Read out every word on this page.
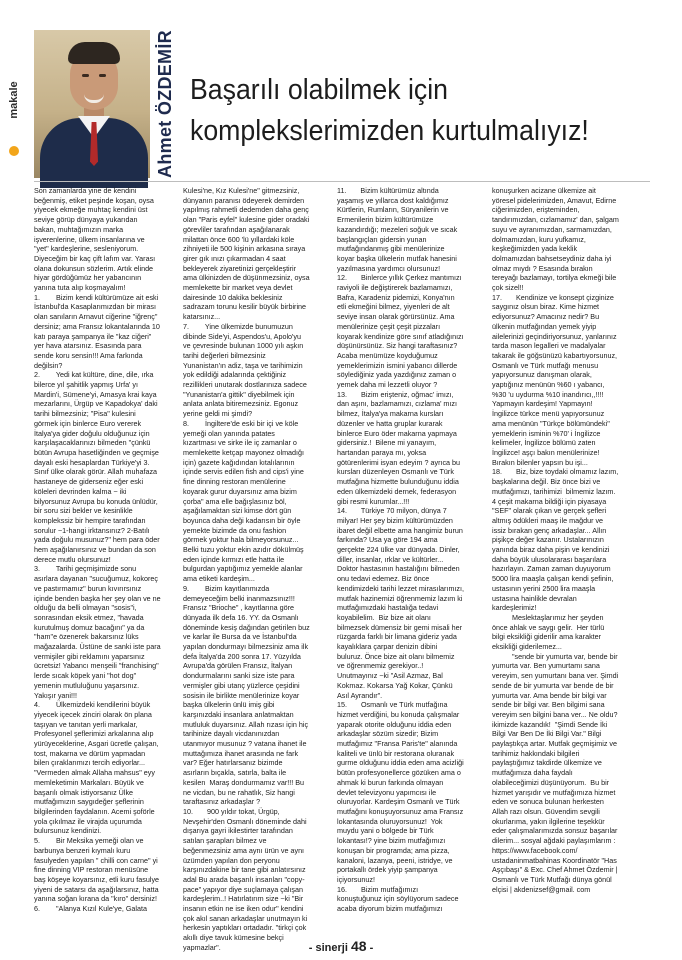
makale	Ahmet ÖZDEMİR Başarılı olabilmek için komplekslerimizden kurtulmalıyız!

Son zamanlarda yine de kendini beğenmiş, etiket peşinde koşan, oysa yiyecek ekmeğe muhtaç kendini üst seviye görüp dünyaya yukarıdan bakan, muhtağımızın marka işverenlerine, ülkem insanlarına ve "yet" kardeşlerine, sesleniyorum. Diyeceğim bir kaç çift lafım var. Yarası olana dokunsun sözlerim. Artık elinde hiyar gördüğümüz her yabancının yanına tuta alıp koşmayalım!
1.        Bizim kendi kültürümüze ait eski İstanbul'da Kasaplarımızdan bir mirası olan sanıların Arnavut ciğerine "iğrenç" dersiniz; ama Fransız lokantalarında 10 katı paraya şampanya ile "kaz ciğeri" yer hava atarsınız. Esasında para sende koru sensin!!! Ama farkında değilsin?
2.        Yedi kat kültüre, dine, dile, ırka bilerce yıl şahitlik yapmış Urfa' yı Mardin'i, Sümene'yi, Amasya krai kaya mezarlarını, Ürgüp ve Kapadokya' daki tarihi bilmezsiniz; "Pisa" kulesini görmek için binlerce Euro vererek İtalya'ya gider doğulu olduğunuz için karşılaşacaklarınızı bilmeden "çünkü bütün Avrupa hasetliğinden ve geçmişe dayalı eski hesaplardan Türkiye'yi 3. Sınıf ülke olarak görür. Allah muhafaza hastaneye de giderseniz eğer eski köleleri devrinden kalma ~ iki bilyorsunuz Avrupa bu konuda ünlüdür, bir soru sizi bekler ve kesinlikle komplekssiz bir hempire tarafından sorulur ~1-hangi irktansınız? 2-Batılı yada doğulu musunuz?" hem para öder hem aşağılanırsınız ve bundan da son derece mutlu olursunuz!
3.        Tarihi geçmişimizde sonu asırlara dayanan "sucuğumuz, kokoreç ve pastırmamız" burun kıvırırsınız içinde benden başka her şey olan ve ne olduğu da belli olmayan "sosis"i, sonrasından eksik etmez, "havada kurutulmuş domuz bacağını" ya da "ham"e özenerek bakarsınız lüks mağazalarda. Üstüne de sanki iste para vermişiler gibi reklamını yaparsınız ücretsiz! Yabancı menşeili "franchising" lerde sıcak köpek yani "hot dog" yemenin mutluluğunu yaşarsınız. Yakışır yani!!!
4.        Ülkemizdeki kendilerini büyük yiyecek içecek zinciri olarak ön plana taşıyan ve tanıtan yerli markalar, Profesyonel şeflerimizi arkalarına alıp yürüyeceklerine, Asgari ücretle çalışan, tost, makarna ve dürüm yapmadan bilen çıraklarımızı tercih ediyorlar... "Vermeden almak Allaha mahsus" eyy memleketimin Markaları. Büyük ve başarılı olmak istiyorsanız Ülke mutfağımızın saygıdeğer şeflerinin bilgilerinden faydalanın. Acemi şoförle yola çıkılmaz ile virajda uçurumda bulursunuz kendinizi.
5.        Bir Meksika yemeği olan ve barbunya benzeri kıymalı kuru fasulyeden yapılan " chilli con carne" yi fine dinning VIP restoran menüsüne baş köşeye koyarsınız, etli kuru fasulye yiyeni de satarsı da aşağılarsınız, hatta yanına soğan kırana da "kıro" dersiniz!
6.        "Alanya Kızıl Kule'ye, Galata

Kulesi'ne, Kız Kulesi'ne" gitmezsiniz, dünyanın paranısı ödeyerek demirden yapılmış rahmetli dedemden daha genç olan "Paris eyfel" kulesine gider oradaki görevliler tarafından aşağılanarak milattan önce 600 'lü yıllardaki köle zihniyeti ile 500 kişinin arkasına sıraya girer gık ınızı çıkarmadan 4 saat bekleyerek ziyaretinizi gerçekleştirir ama ülkinizden de düşünmezsiniz, oysa memlekette bir market veya devlet dairesinde 10 dakika beklesiniz sadrazam torunu kesilir büyük birbirine katarsınız...
7.        Yine ülkemizde bunumuzun dibinde Side'yi, Aspendos'u, Apolo'yu ve çevresinde bulunan 1000 yılı aşkın tarihi değerleri bilmezsiniz Yunanistan'ın adiz, taşa ve tarihimizin yok edildiği adalarında çektiğiniz rezillikleri unutarak dostlarınıza sadece "Yunanistan'a gittik" diyebilmek için anlata anlata bitiremezsiniz. Egonuz yerine geldi mi şimdi?
8.        İngiltere'de eski bir içi ve köle yemeği olan yanında patates kızartması ve sirke ile iç zamanlar o memlekette ketçap mayonez olmadığı için) gazete kağıdından kıtalılarının içinde servis edilen fish and cips'i yine fine dinning restoran menülerine koyarak gurur duyarsınız ama bizim çorba" ama elle bağışlasınız böl, aşağılamaktan sizi kimse dört gün boyunca daha deği kadarısın bir öyle yemekte bizimde da onu fashion görmek yoktur hala bilmeyorsunuz...
Belki tuzu yoktur ekin azıdır dökülmüş eden içinde kırmızı etle hatta ile bulgurdan yaptığımız yemekle alanlar ama etiketi kardeşim...
9.        Bizim kayıtlarımızda demeyeceğim belki inanmazsınız!!! Fransız "Brioche" , kayıtlarına göre dünyada ilk defa 16. YY. da Osmanlı döneminde kesiş dağından getirilen buz ve karlar ile Bursa da ve İstanbul'da yapılan dondurmayı bilmezsiniz ama ilk defa İtalya'da 200 sonra 17. Yüzyılda Avrupa'da görülen Fransız, İtalyan dondurmalarını sanki size iste para vermişler gibi utanç yüzlerce çeşidini sosisin ile birlikte menülerinize koyar başka ülkelerin ünlü imiş gibi karşınızdaki insanlara anlatmaktan mutluluk duyarsınız. Allah rızası için hiç tarihinize dayalı vicdanınızdan utanmıyor musunuz ? vatana ihanet ile muttağımıza ihanet arasında ne fark var? Eğer hatırlarsanız bizimde asırların bıçakla, satırla, balta ile kesilen  Maraş dondurmamız var!!! Bu ne vicdan, bu ne rahatlık, Siz hangi taraftasınız arkadaşlar ?
10.       900 yıldır tokat, Ürgüp, Nevşehir'den Osmanlı döneminde dahi dışarıya gayri ikilestirter tarafından satılan şarapları bilmez ve beğenmezsiniz ama aynı ürün ve aynı üzümden yapılan don peryonu karşınızdakine bir tane gibi anlatırsınız adal Bu arada başarılı insanları "copy-pace" yapıyor diye suçlamaya çalışan kardeşlerim..! Hatırlatırım size ~ki "Bir insanın etkin ne ise iken odur" kendini çok akıl sanan arkadaşlar unutmayın ki herkesin yaptıkları ortadadır. "tirkçi çok akıllı diye tavuk kümesine bekçi yapmazlar".

11.       Bizim kültürümüz altında yaşamış ve yıllarca dost kaldığımız Kürtlerin, Rumların, Süryanilerin ve Ermenilerin bizim kültürümüze kazandırdığı; mezeleri soğuk ve sıcak başlangıçları gidersin yunan mutfağındanmış gibi menülerinize koyar başka ülkelerin mutfak hanesini yazılmasına yardımcı olursunuz!
12.       Binlerce yıllık Çerkez mantımızı raviyoli ile değiştirerek bazlamamızı, Bafra, Karadeniz pidemizi, Konya'nın etli ekmeğini bilmez, yiyenleri de alt seviye insan olarak görürsünüz. Ama menülerinize çeşit çeşit pizzaları koyarak kendinize göre sınıf atladığınızı düşünürsünüz. Siz hangi taraftasınız? Acaba menümüze koyduğumuz yemeklerimizin ismini yabancı dillerde söylediğiniz yada yazdığınız zaman o yemek daha mi lezzetli oluyor ?
13.       Bizim erişteniz, oğmac' imızı, dan aşını, bazlamamızı, cızlama' mızı bilmez, İtalya'ya makarna kursları düzenler ve hatta gruplar kurarak binlerce Euro öder makarna yapmaya gidersiniz.!  Bilene mi yanayım, hartandan paraya mı, yoksa götürenlerimi isyan edeyim ? ayrıca bu kursları düzenleyen Osmanlı ve Türk mutfağına hizmette bulunduğunu iddia eden ülkemizdeki dernek, federasyon gibi resmi kurumlar...!!!
14.       Türkiye 70 milyon, dünya 7 milyar! Her şey bizim kültürümüzden ibaret değil elbette ama hangimiz burun farkında? Usa ya göre 194 ama gerçekte 224 ülke var dünyada. Dinler, diller, insanlar, ırklar ve kültürler... Doktor hastasının hastalığını bilmeden onu tedavi edemez. Biz önce kendimizdeki tarihi lezzet mirasılarımızı, mutfak hazinemizi öğrenmemiz lazım ki mutfağımızdaki hastalığa tedavi koyabilelim.  Biz bize ait olanı bilmezsek dümensiz bir gemi misali her rüzgarda farklı bir limana gideriz yada kayalıklara çarpar denizin dibini buluruz. Önce bize ait olanı bilmemiz ve öğrenmemiz gerekiyor..! Unutmayınız ~ki "Asil Azmaz, Bal Kokmaz. Kokarsa Yağ Kokar, Çünkü Asıl Ayrandır".
15.       Osmanlı ve Türk mutfağına hizmet verdiğini, bu konuda çalışmalar yaparak otorite olduğunu iddia eden arkadaşlar sözüm sizedir; Bizim mutfağımız "Fransa Paris'te" alanında kaliteli ve ünlü bir restorana oluranak gurme olduğunu iddia eden ama acizliği bütün profesyonellerce gözüken ama o ahmak ki burun farkında olmayan devlet televizyonu yapımcısı ile oluruyorlar. Kardeşim Osmanlı ve Türk mutfağını konuşuyorsunuz ama Fransız lokantasında oluruyorsunuz!  Yok muydu yani o bölgede bir Türk lokantası!? yine bizim mutfağımızı konuşan bir programda; ama pizza, kanaloni, lazanya, peeni, istridye, ve portakallı ördek yiyip şampanya içiyorsunuz!
16.       Bizim mutfağımızı konuştuğunuz için söylüyorum sadece acaba diyorum bizim mutfağımızı

konuşurken acizane ülkemize ait yöresel pidelerimizden, Amavut, Edirne ciğerimizden, erişteminden, tandırımızdan, cızlamamız' dan, şalgam suyu ve ayranımızdan, sarmamızdan, dolmamızdan, kuru yufkamız, keşkeğimizden yada keklik dolmamızdan bahsetseydiniz daha iyi olmaz mıydı ? Esasında bırakın tereyağı bazlamayı, tortilya ekmeği bile çok sizel!!
17.       Kendinize ve konsept çizginize saygınız olsun biraz. Kime hizmet ediyorsunuz? Amacınız nedir? Bu ülkenin mutfağından yemek yiyip ailelerinizi geçindiriyorsunuz, yanlarınız tarda mason legalleri ve madalyalar takarak ile göğsünüzü kabartıyorsunuz, Osmanlı ve Türk mutfağı menusu yapıyorsunuz danışman olarak,  yaptığınız menünün %60 ı yabancı, %30 'u uydurma %10 inandırıcı,,!!!! Yapmayın kardeşim! Yapmayın! İngilizce türkce menü yapıyorsunuz ama menünün "Türkçe bölümündeki" yemeklerin isminin %70' i İngilizce kelimeler, İngilizce bölümü zaten İngilizce! aşçı bakın menülerinize! Bırakın bilenler yapsın bu işi...
18.       Biz, bize toydaki olmamız lazım, başkalarına değil. Biz önce bizi ve mutfağımızı, tarihimizi  bilmemiz lazım. 4 çeşit makarna bildiği için piyasaya "SEF" olarak çıkan ve gerçek şefleri altmış ödükleri maaş ile mağdur ve issiz bırakan genç arkadaşlar... Allın pişikçe değer kazanır. Ustalarınızın yanında biraz daha pişin ve kendinizi  daha büyük ulusolararası başarılara hazırlayın. Zaman zaman duyuyorum 5000 lira maaşla çalışan kendi şefinin, ustasının yerini 2500 lira maaşla ustasına hainlikle devralan kardeşlerimiz!
Meslektaşlarımız her şeyden önce ahlak ve saygı gelir.  Her türlü bilgi eksikliği giderilir ama karakter eksikliği giderilemez...
"sende bir yumurta var, bende bir yumurta var. Ben yumurtamı sana vereyim, sen yumurtanı bana ver. Şimdi sende de bir yumurta var bende de bir yumurta var. Ama bende bir bilgi var sende bir bilgi var. Ben bilgimi sana vereyim sen bilgini bana ver... Ne oldu? ikimizde kazandık!  "Şimdi Sende İki Bilgi Var Ben De İki Bilgi Var." Bilgi paylaştıkça artar. Mutfak geçmişimiz ve tarihimiz hakkındaki bilgileri paylaştığımız takdirde ülkemize ve mutfağımıza daha faydalı olabileceğimizi düşünüyorum.  Bu bir hizmet yarışıdır ve mutfağımıza hizmet eden ve sonuca bulunan herkesten Allah razı olsun. Güvendim sevgili okurlarıma, yakın ilgilerine teşekkür eder çalışmalarımızda sonsuz başarılar dilerim... sosyal ağdaki paylaşımlarım : https://www.facebook.com/ ustadaninmatbahinas Koordinatör "Has Aşçıbaşı" & Exc. Chef Ahmet Özdemir | Osmanlı ve Türk Mutfağı dünya gönül elçisi | akdenizsef@gmail. com

- sinerji 48 -
